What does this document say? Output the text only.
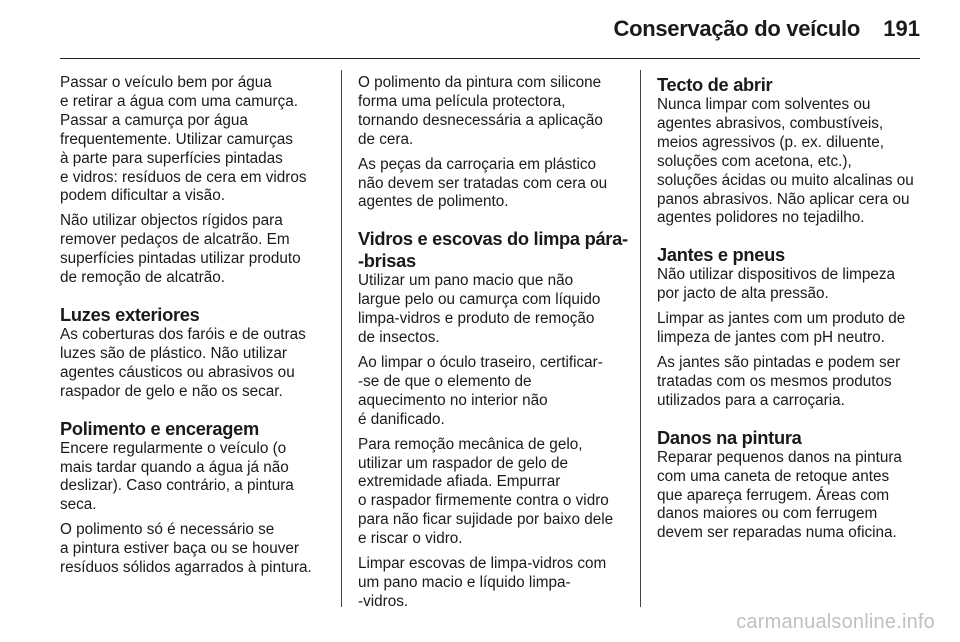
Conservação do veículo	191

Passar o veículo bem por água
e retirar a água com uma camurça.
Passar a camurça por água
frequentemente. Utilizar camurças
à parte para superfícies pintadas
e vidros: resíduos de cera em vidros
podem dificultar a visão.

Não utilizar objectos rígidos para
remover pedaços de alcatrão. Em
superfícies pintadas utilizar produto
de remoção de alcatrão.

Luzes exteriores

As coberturas dos faróis e de outras
luzes são de plástico. Não utilizar
agentes cáusticos ou abrasivos ou
raspador de gelo e não os secar.

Polimento e enceragem

Encere regularmente o veículo (o
mais tardar quando a água já não
deslizar). Caso contrário, a pintura
seca.

O polimento só é necessário se
a pintura estiver baça ou se houver
resíduos sólidos agarrados à pintura.

O polimento da pintura com silicone
forma uma película protectora,
tornando desnecessária a aplicação
de cera.

As peças da carroçaria em plástico
não devem ser tratadas com cera ou
agentes de polimento.

Vidros e escovas do limpa pára-
-brisas

Utilizar um pano macio que não
largue pelo ou camurça com líquido
limpa-vidros e produto de remoção
de insectos.

Ao limpar o óculo traseiro, certificar-
-se de que o elemento de
aquecimento no interior não
é danificado.

Para remoção mecânica de gelo,
utilizar um raspador de gelo de
extremidade afiada. Empurrar
o raspador firmemente contra o vidro
para não ficar sujidade por baixo dele
e riscar o vidro.

Limpar escovas de limpa-vidros com
um pano macio e líquido limpa-
-vidros.

Tecto de abrir

Nunca limpar com solventes ou
agentes abrasivos, combustíveis,
meios agressivos (p. ex. diluente,
soluções com acetona, etc.),
soluções ácidas ou muito alcalinas ou
panos abrasivos. Não aplicar cera ou
agentes polidores no tejadilho.

Jantes e pneus

Não utilizar dispositivos de limpeza
por jacto de alta pressão.

Limpar as jantes com um produto de
limpeza de jantes com pH neutro.

As jantes são pintadas e podem ser
tratadas com os mesmos produtos
utilizados para a carroçaria.

Danos na pintura

Reparar pequenos danos na pintura
com uma caneta de retoque antes
que apareça ferrugem. Áreas com
danos maiores ou com ferrugem
devem ser reparadas numa oficina.

carmanualsonline.info
